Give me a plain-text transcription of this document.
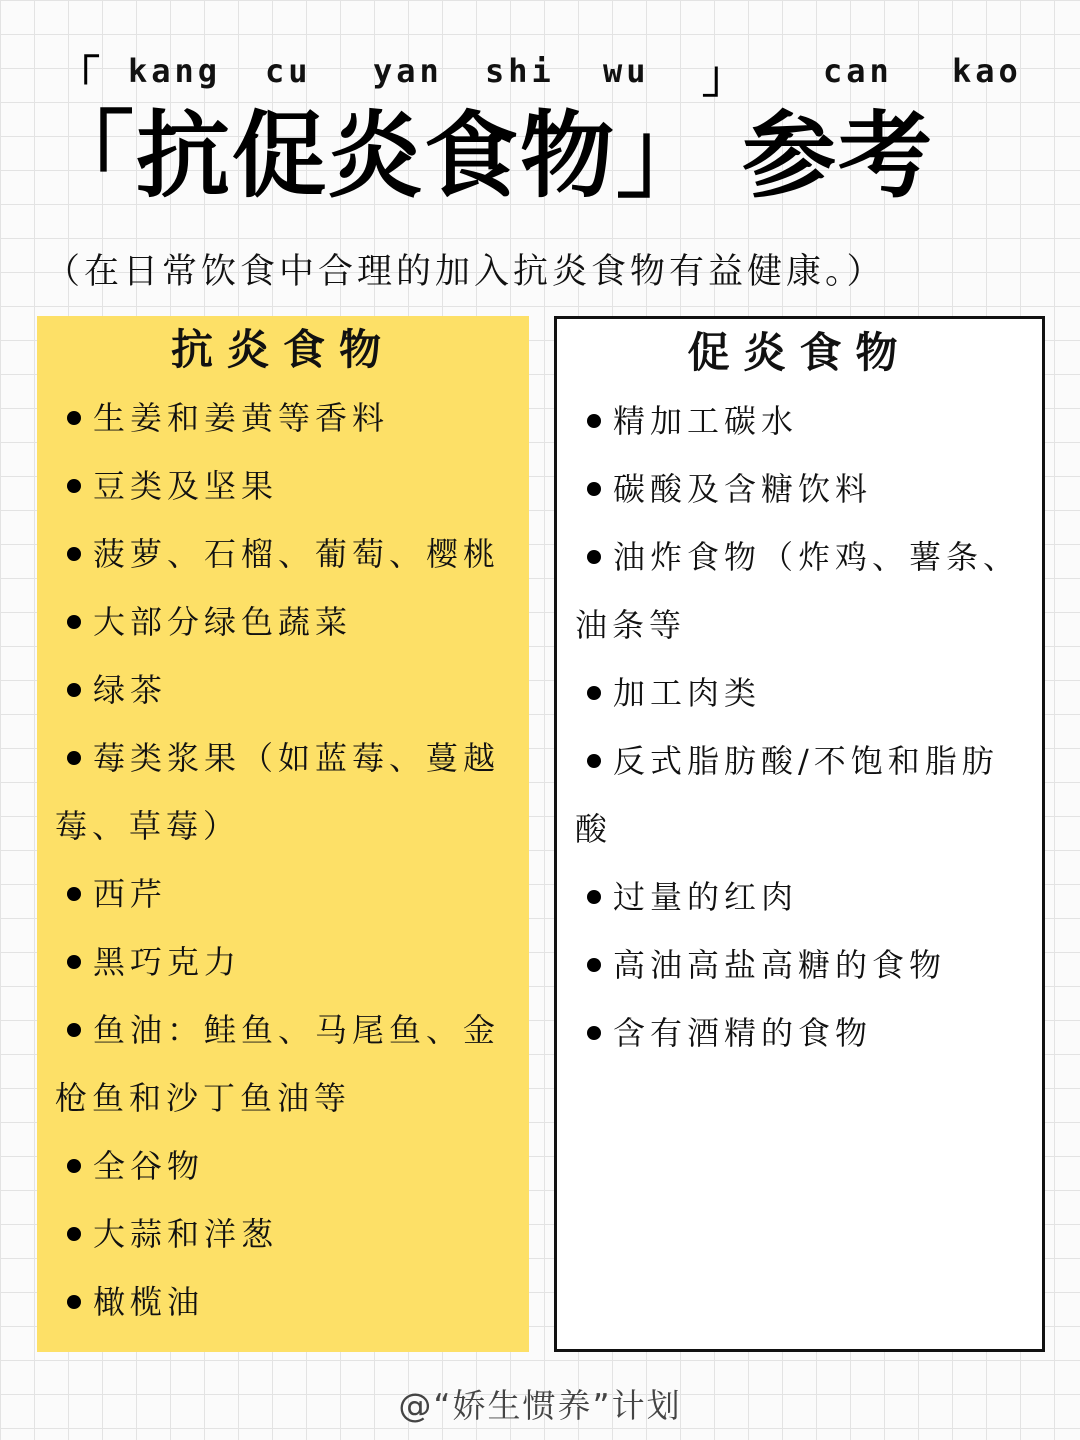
「 kang cu yan shi wu 」 can kao
「抗促炎食物」 参考
（在日常饮食中合理的加入抗炎食物有益健康。）
抗炎食物
生姜和姜黄等香料
豆类及坚果
菠萝、石榴、葡萄、樱桃
大部分绿色蔬菜
绿茶
莓类浆果（如蓝莓、蔓越莓、草莓）
西芹
黑巧克力
鱼油：鲑鱼、马尾鱼、金枪鱼和沙丁鱼油等
全谷物
大蒜和洋葱
橄榄油
促炎食物
精加工碳水
碳酸及含糖饮料
油炸食物（炸鸡、薯条、油条等
加工肉类
反式脂肪酸/不饱和脂肪酸
过量的红肉
高油高盐高糖的食物
含有酒精的食物
@“娇生惯养”计划
